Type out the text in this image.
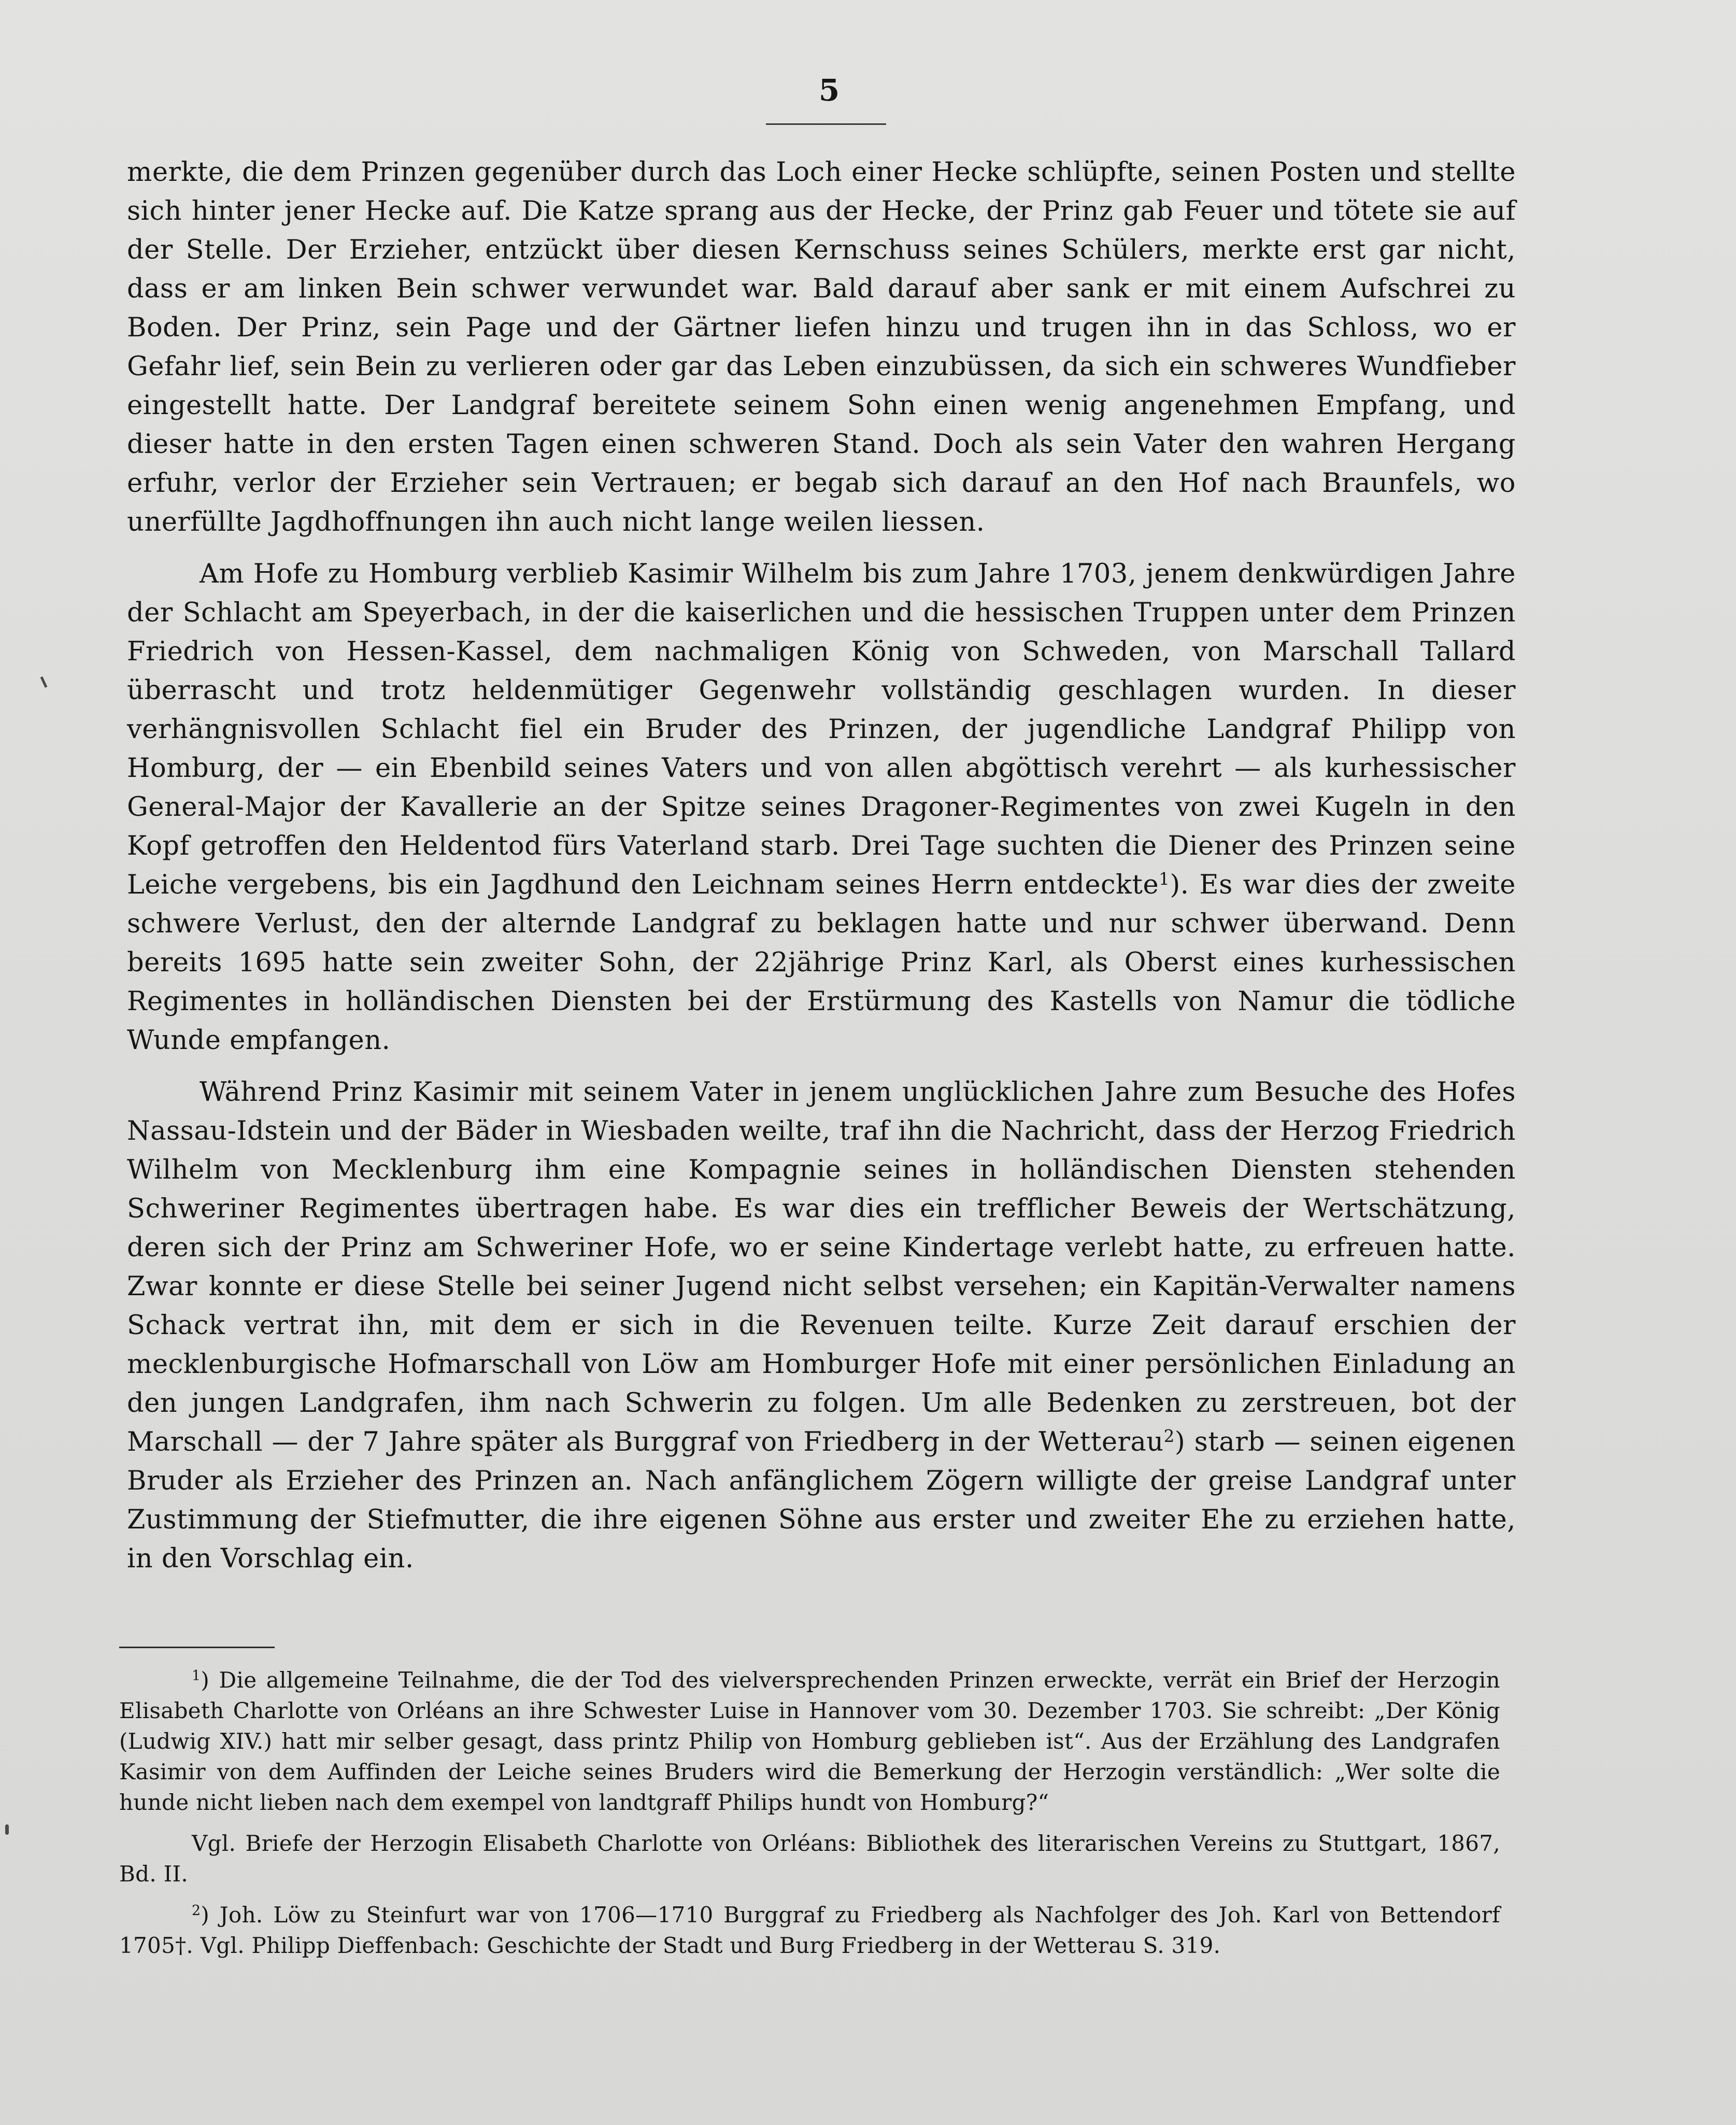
5

merkte, die dem Prinzen gegenüber durch das Loch einer Hecke schlüpfte, seinen Posten und stellte sich hinter jener Hecke auf. Die Katze sprang aus der Hecke, der Prinz gab Feuer und tötete sie auf der Stelle. Der Erzieher, entzückt über diesen Kernschuss seines Schülers, merkte erst gar nicht, dass er am linken Bein schwer verwundet war. Bald darauf aber sank er mit einem Aufschrei zu Boden. Der Prinz, sein Page und der Gärtner liefen hinzu und trugen ihn in das Schloss, wo er Gefahr lief, sein Bein zu verlieren oder gar das Leben einzubüssen, da sich ein schweres Wundfieber eingestellt hatte. Der Landgraf bereitete seinem Sohn einen wenig angenehmen Empfang, und dieser hatte in den ersten Tagen einen schweren Stand. Doch als sein Vater den wahren Hergang erfuhr, verlor der Erzieher sein Vertrauen; er begab sich darauf an den Hof nach Braunfels, wo unerfüllte Jagdhoffnungen ihn auch nicht lange weilen liessen.

Am Hofe zu Homburg verblieb Kasimir Wilhelm bis zum Jahre 1703, jenem denkwürdigen Jahre der Schlacht am Speyerbach, in der die kaiserlichen und die hessischen Truppen unter dem Prinzen Friedrich von Hessen-Kassel, dem nachmaligen König von Schweden, von Marschall Tallard überrascht und trotz heldenmütiger Gegenwehr vollständig geschlagen wurden. In dieser verhängnisvollen Schlacht fiel ein Bruder des Prinzen, der jugendliche Landgraf Philipp von Homburg, der — ein Ebenbild seines Vaters und von allen abgöttisch verehrt — als kurhessischer General-Major der Kavallerie an der Spitze seines Dragoner-Regimentes von zwei Kugeln in den Kopf getroffen den Heldentod fürs Vaterland starb. Drei Tage suchten die Diener des Prinzen seine Leiche vergebens, bis ein Jagdhund den Leichnam seines Herrn entdeckte$^1$). Es war dies der zweite schwere Verlust, den der alternde Landgraf zu beklagen hatte und nur schwer überwand. Denn bereits 1695 hatte sein zweiter Sohn, der 22jährige Prinz Karl, als Oberst eines kurhessischen Regimentes in holländischen Diensten bei der Erstürmung des Kastells von Namur die tödliche Wunde empfangen.

Während Prinz Kasimir mit seinem Vater in jenem unglücklichen Jahre zum Besuche des Hofes Nassau-Idstein und der Bäder in Wiesbaden weilte, traf ihn die Nachricht, dass der Herzog Friedrich Wilhelm von Mecklenburg ihm eine Kompagnie seines in holländischen Diensten stehenden Schweriner Regimentes übertragen habe. Es war dies ein trefflicher Beweis der Wertschätzung, deren sich der Prinz am Schweriner Hofe, wo er seine Kindertage verlebt hatte, zu erfreuen hatte. Zwar konnte er diese Stelle bei seiner Jugend nicht selbst versehen; ein Kapitän-Verwalter namens Schack vertrat ihn, mit dem er sich in die Revenuen teilte. Kurze Zeit darauf erschien der mecklenburgische Hofmarschall von Löw am Homburger Hofe mit einer persönlichen Einladung an den jungen Landgrafen, ihm nach Schwerin zu folgen. Um alle Bedenken zu zerstreuen, bot der Marschall — der 7 Jahre später als Burggraf von Friedberg in der Wetterau$^2$) starb — seinen eigenen Bruder als Erzieher des Prinzen an. Nach anfänglichem Zögern willigte der greise Landgraf unter Zustimmung der Stiefmutter, die ihre eigenen Söhne aus erster und zweiter Ehe zu erziehen hatte, in den Vorschlag ein.

$^1$) Die allgemeine Teilnahme, die der Tod des vielversprechenden Prinzen erweckte, verrät ein Brief der Herzogin Elisabeth Charlotte von Orléans an ihre Schwester Luise in Hannover vom 30. Dezember 1703. Sie schreibt: „Der König (Ludwig XIV.) hatt mir selber gesagt, dass printz Philip von Homburg geblieben ist“. Aus der Erzählung des Landgrafen Kasimir von dem Auffinden der Leiche seines Bruders wird die Bemerkung der Herzogin verständlich: „Wer solte die hunde nicht lieben nach dem exempel von landtgraff Philips hundt von Homburg?“

Vgl. Briefe der Herzogin Elisabeth Charlotte von Orléans: Bibliothek des literarischen Vereins zu Stuttgart, 1867, Bd. II.

$^2$) Joh. Löw zu Steinfurt war von 1706—1710 Burggraf zu Friedberg als Nachfolger des Joh. Karl von Bettendorf 1705†. Vgl. Philipp Dieffenbach: Geschichte der Stadt und Burg Friedberg in der Wetterau S. 319.
